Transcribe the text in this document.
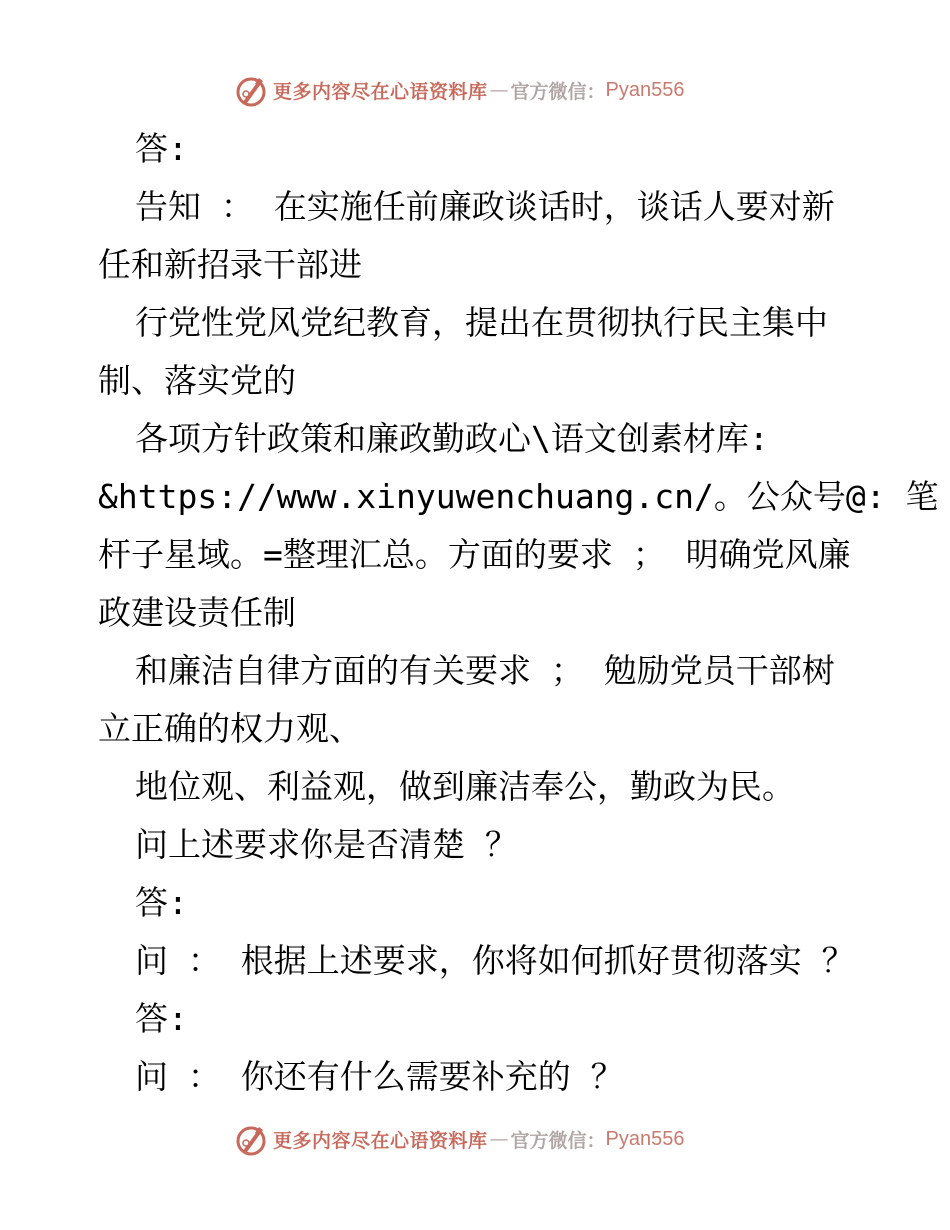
更多内容尽在心语资料库 — 官方微信： Pyan556
答:
告知 ： 在实施任前廉政谈话时，谈话人要对新
任和新招录干部进
行党性党风党纪教育，提出在贯彻执行民主集中
制、落实党的
各项方针政策和廉政勤政心\语文创素材库:
&https://www.xinyuwenchuang.cn/。公众号@: 笔
杆子星域。=整理汇总。方面的要求 ； 明确党风廉
政建设责任制
和廉洁自律方面的有关要求 ； 勉励党员干部树
立正确的权力观、
地位观、利益观，做到廉洁奉公，勤政为民。
问上述要求你是否清楚 ？
答:
问 ： 根据上述要求，你将如何抓好贯彻落实 ？
答:
问 ： 你还有什么需要补充的 ？
更多内容尽在心语资料库 — 官方微信： Pyan556
